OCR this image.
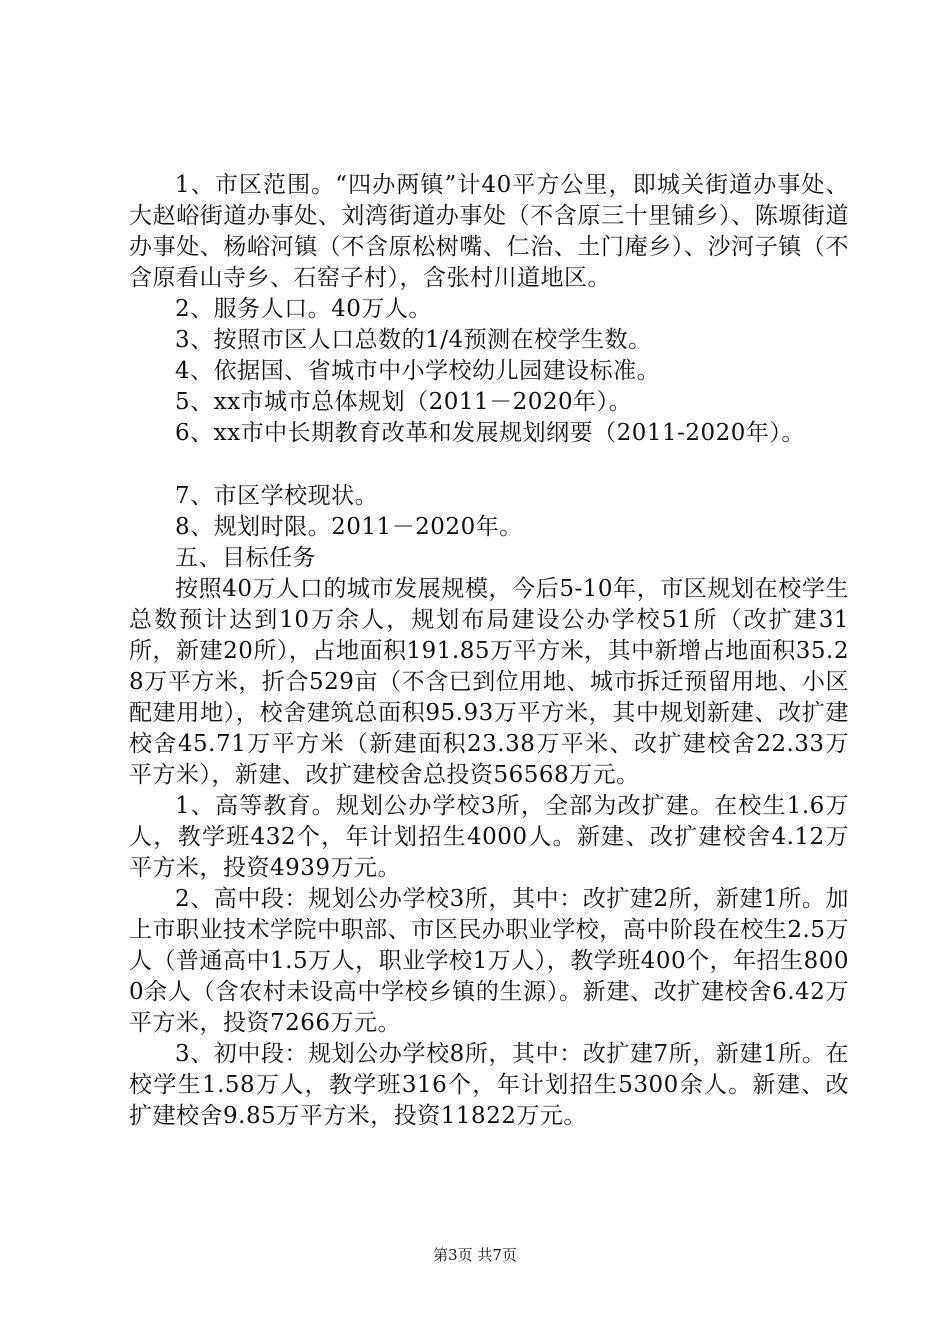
1、市区范围。“四办两镇”计40平方公里，即城关街道办事处、大赵峪街道办事处、刘湾街道办事处（不含原三十里铺乡）、陈塬街道办事处、杨峪河镇（不含原松树嘴、仁治、土门庵乡）、沙河子镇（不含原看山寺乡、石窑子村），含张村川道地区。

2、服务人口。40万人。

3、按照市区人口总数的1/4预测在校学生数。

4、依据国、省城市中小学校幼儿园建设标准。

5、xx市城市总体规划（2011－2020年）。

6、xx市中长期教育改革和发展规划纲要（2011-2020年）。

7、市区学校现状。

8、规划时限。2011－2020年。

五、目标任务

按照40万人口的城市发展规模，今后5-10年，市区规划在校学生总数预计达到10万余人，规划布局建设公办学校51所（改扩建31所，新建20所），占地面积191.85万平方米，其中新增占地面积35.28万平方米，折合529亩（不含已到位用地、城市拆迁预留用地、小区配建用地），校舍建筑总面积95.93万平方米，其中规划新建、改扩建校舍45.71万平方米（新建面积23.38万平米、改扩建校舍22.33万平方米），新建、改扩建校舍总投资56568万元。

1、高等教育。规划公办学校3所，全部为改扩建。在校生1.6万人，教学班432个，年计划招生4000人。新建、改扩建校舍4.12万平方米，投资4939万元。

2、高中段：规划公办学校3所，其中：改扩建2所，新建1所。加上市职业技术学院中职部、市区民办职业学校，高中阶段在校生2.5万人（普通高中1.5万人，职业学校1万人），教学班400个，年招生8000余人（含农村未设高中学校乡镇的生源）。新建、改扩建校舍6.42万平方米，投资7266万元。

3、初中段：规划公办学校8所，其中：改扩建7所，新建1所。在校学生1.58万人，教学班316个，年计划招生5300余人。新建、改扩建校舍9.85万平方米，投资11822万元。

第3页 共7页
